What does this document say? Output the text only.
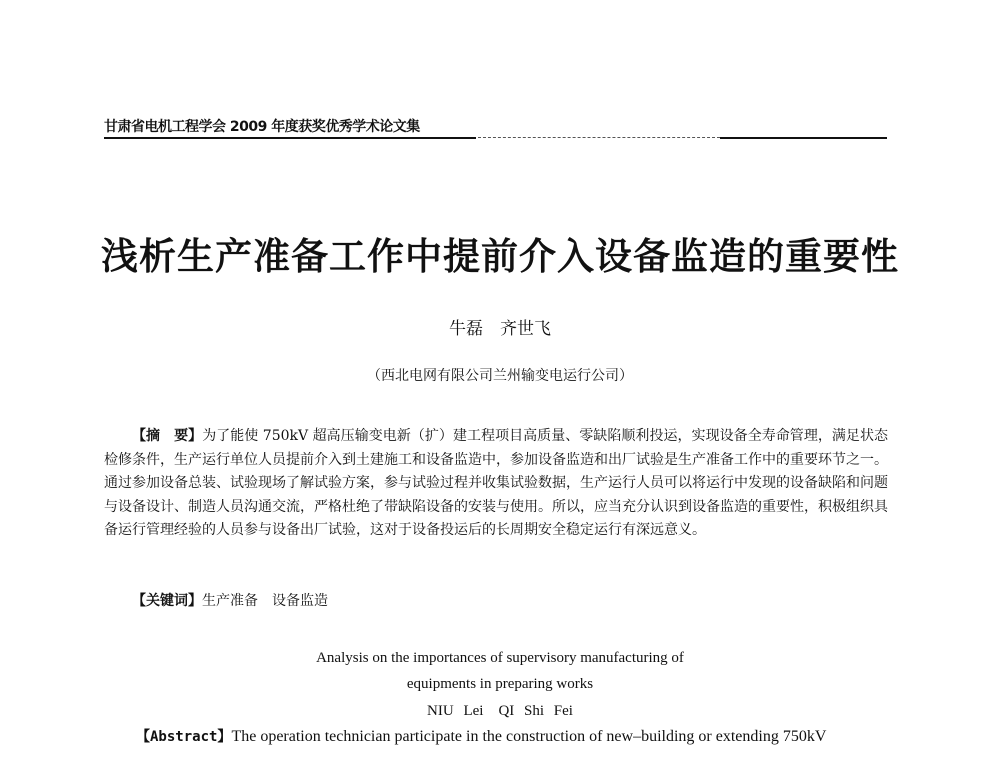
甘肃省电机工程学会 2009 年度获奖优秀学术论文集
浅析生产准备工作中提前介入设备监造的重要性
牛磊　齐世飞
（西北电网有限公司兰州输变电运行公司）
【摘　要】为了能使 750kV 超高压输变电新（扩）建工程项目高质量、零缺陷顺利投运，实现设备全寿命管理，满足状态检修条件，生产运行单位人员提前介入到土建施工和设备监造中，参加设备监造和出厂试验是生产准备工作中的重要环节之一。通过参加设备总装、试验现场了解试验方案，参与试验过程并收集试验数据，生产运行人员可以将运行中发现的设备缺陷和问题与设备设计、制造人员沟通交流，严格杜绝了带缺陷设备的安装与使用。所以，应当充分认识到设备监造的重要性，积极组织具备运行管理经验的人员参与设备出厂试验，这对于设备投运后的长周期安全稳定运行有深远意义。
【关键词】生产准备 设备监造
Analysis on the importances of supervisory manufacturing of
equipments in preparing works
NIU Lei　QI Shi Fei
【Abstract】The operation technician participate in the construction of new–building or extending 750kV
